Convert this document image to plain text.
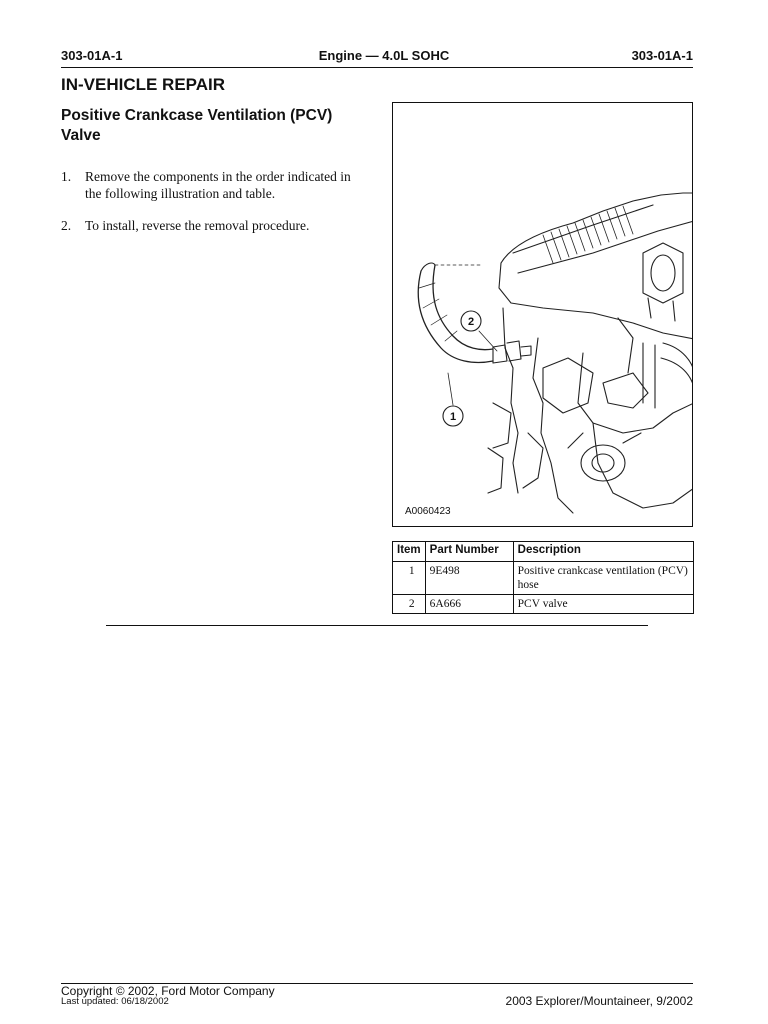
303-01A-1	Engine — 4.0L SOHC	303-01A-1
IN-VEHICLE REPAIR
Positive Crankcase Ventilation (PCV) Valve
1. Remove the components in the order indicated in the following illustration and table.
2. To install, reverse the removal procedure.
2
1
A0060423
Item	Part Number	Description
1	9E498	Positive crankcase ventilation (PCV) hose
2	6A666	PCV valve
Copyright © 2002, Ford Motor Company
Last updated: 06/18/2002	2003 Explorer/Mountaineer, 9/2002
